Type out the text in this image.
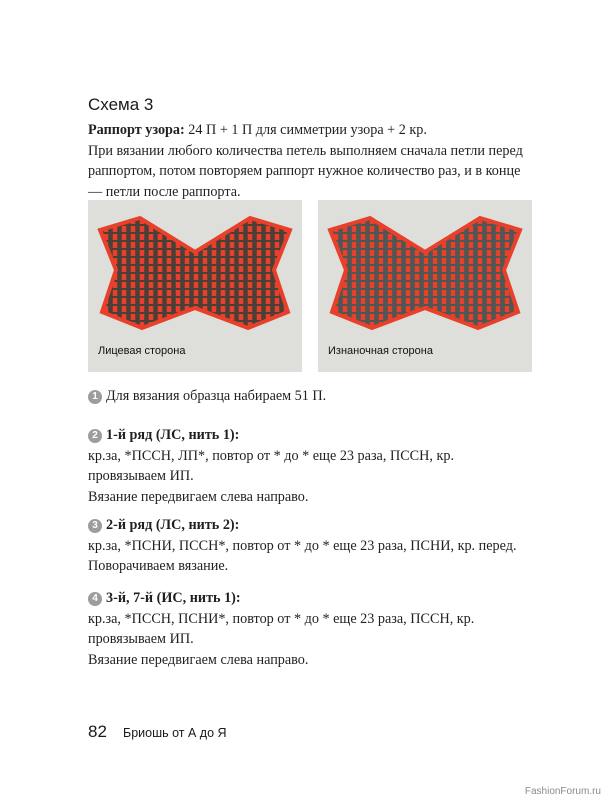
Схема 3
Раппорт узора: 24 П + 1 П для симметрии узора + 2 кр.
При вязании любого количества петель выполняем сначала петли перед раппортом, потом повторяем раппорт нужное количество раз, и в конце — петли после раппорта.
Лицевая сторона	Изнаночная сторона
1 Для вязания образца набираем 51 П.
2 1-й ряд (ЛС, нить 1):
кр.за, *ПССН, ЛП*, повтор от * до * еще 23 раза, ПССН, кр. провязываем ИП.
Вязание передвигаем слева направо.
3 2-й ряд (ЛС, нить 2):
кр.за, *ПСНИ, ПССН*, повтор от * до * еще 23 раза, ПСНИ, кр. перед.
Поворачиваем вязание.
4 3-й, 7-й (ИС, нить 1):
кр.за, *ПССН, ПСНИ*, повтор от * до * еще 23 раза, ПССН, кр. провязываем ИП.
Вязание передвигаем слева направо.
82 Бриошь от А до Я
FashionForum.ru
